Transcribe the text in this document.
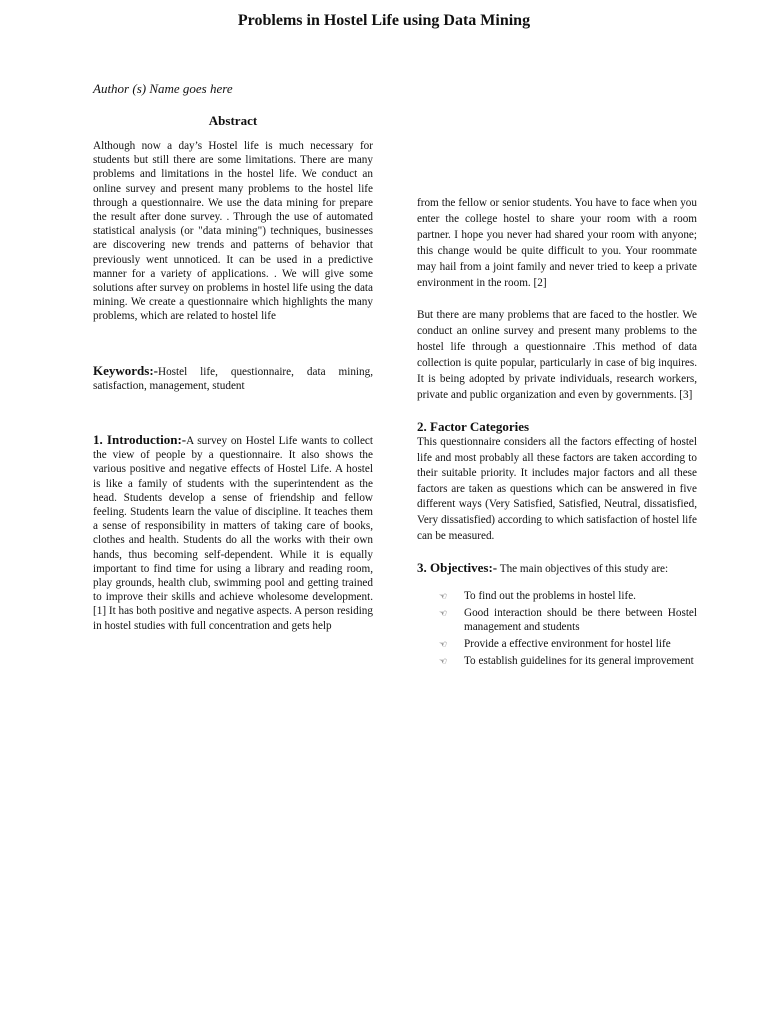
Problems in Hostel Life using Data Mining
Author (s) Name goes here
Abstract

Although now a day’s Hostel life is much necessary for students but still there are some limitations. There are many problems and limitations in the hostel life. We conduct an online survey and present many problems to the hostel life through a questionnaire. We use the data mining for prepare the result after done survey. . Through the use of automated statistical analysis (or "data mining") techniques, businesses are discovering new trends and patterns of behavior that previously went unnoticed. It can be used in a predictive manner for a variety of applications. . We will give some solutions after survey on problems in hostel life using the data mining. We create a questionnaire which highlights the many problems, which are related to hostel life

Keywords:-Hostel life, questionnaire, data mining, satisfaction, management, student

1. Introduction:-A survey on Hostel Life wants to collect the view of people by a questionnaire. It also shows the various positive and negative effects of Hostel Life. A hostel is like a family of students with the superintendent as the head. Students develop a sense of friendship and fellow feeling. Students learn the value of discipline. It teaches them a sense of responsibility in matters of taking care of books, clothes and health. Students do all the works with their own hands, thus becoming self-dependent. While it is equally important to find time for using a library and reading room, play grounds, health club, swimming pool and getting trained to improve their skills and achieve wholesome development. [1] It has both positive and negative aspects. A person residing in hostel studies with full concentration and gets help

from the fellow or senior students. You have to face when you enter the college hostel to share your room with a room partner. I hope you never had shared your room with anyone; this change would be quite difficult to you. Your roommate may hail from a joint family and never tried to keep a private environment in the room. [2]

But there are many problems that are faced to the hostler. We conduct an online survey and present many problems to the hostel life through a questionnaire .This method of data collection is quite popular, particularly in case of big inquires. It is being adopted by private individuals, research workers, private and public organization and even by governments. [3]

2. Factor Categories

This questionnaire considers all the factors effecting of hostel life and most probably all these factors are taken according to their suitable priority. It includes major factors and all these factors are taken as questions which can be answered in five different ways (Very Satisfied, Satisfied, Neutral, dissatisfied, Very dissatisfied) according to which satisfaction of hostel life can be measured.

3. Objectives:- The main objectives of this study are:

☜ To find out the problems in hostel life.
☜ Good interaction should be there between Hostel management and students
☜ Provide a effective environment for hostel life
☜ To establish guidelines for its general improvement
